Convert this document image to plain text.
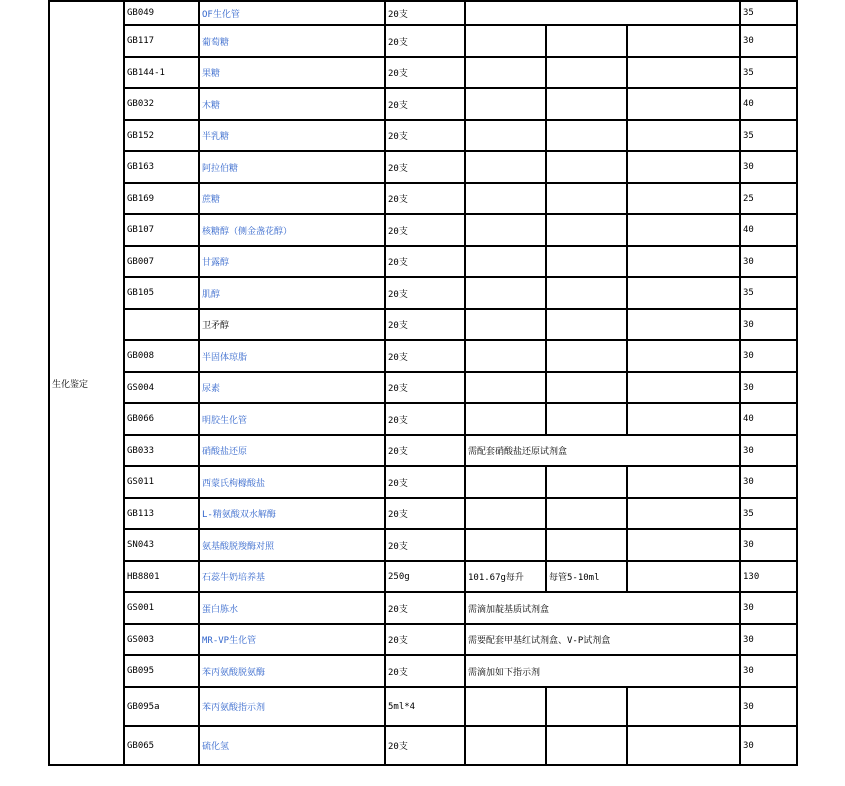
生化鉴定	GB049	OF生化管	20支				35
	GB117	葡萄糖	20支				30
	GB144-1	果糖	20支				35
	GB032	木糖	20支				40
	GB152	半乳糖	20支				35
	GB163	阿拉伯糖	20支				30
	GB169	蔗糖	20支				25
	GB107	核糖醇（侧金盏花醇）	20支				40
	GB007	甘露醇	20支				30
	GB105	肌醇	20支				35
		卫矛醇	20支				30
	GB008	半固体琼脂	20支				30
	GS004	尿素	20支				30
	GB066	明胶生化管	20支				40
	GB033	硝酸盐还原	20支	需配套硝酸盐还原试剂盒			30
	GS011	西蒙氏枸橼酸盐	20支				30
	GB113	L-精氨酸双水解酶	20支				35
	SN043	氨基酸脱羧酶对照	20支				30
	HB8801	石蕊牛奶培养基	250g	101.67g每升	每管5-10ml		130
	GS001	蛋白胨水	20支	需滴加靛基质试剂盒			30
	GS003	MR-VP生化管	20支	需要配套甲基红试剂盒、V-P试剂盒			30
	GB095	苯丙氨酸脱氨酶	20支	需滴加如下指示剂			30
	GB095a	苯丙氨酸指示剂	5ml*4				30
	GB065	硫化氢	20支				30
